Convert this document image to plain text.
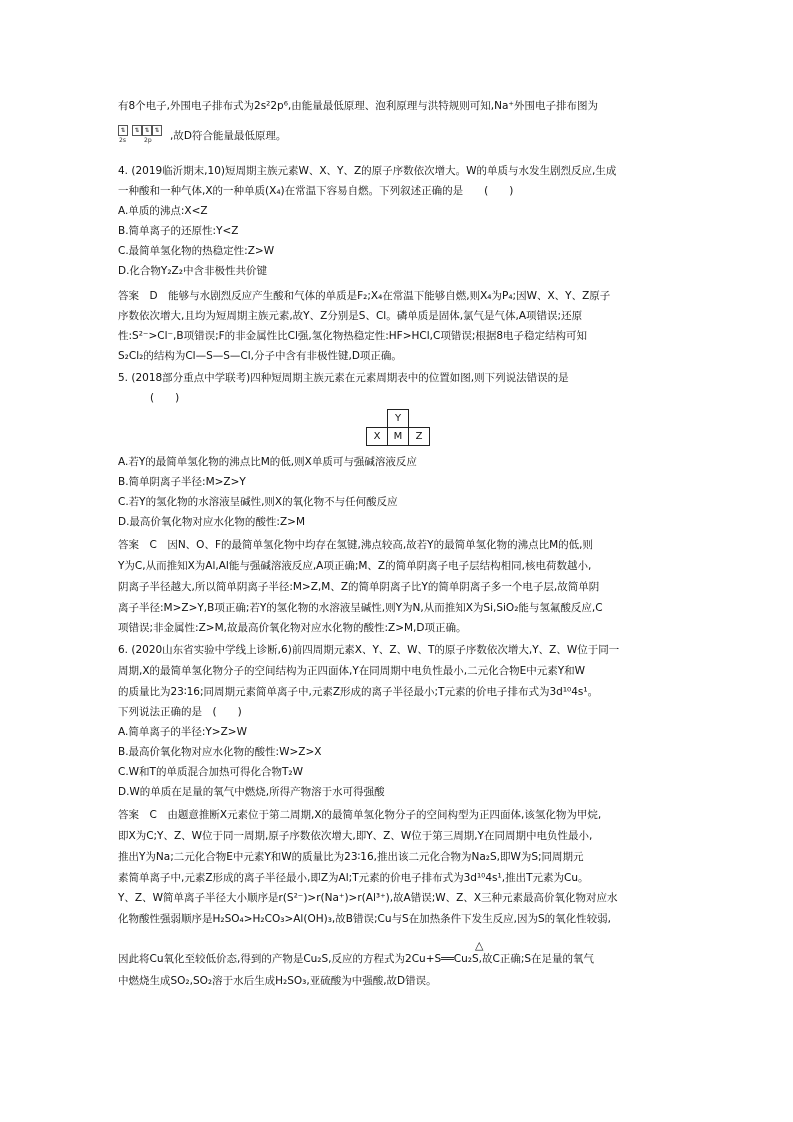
有8个电子,外围电子排布式为2s²2p⁶,由能量最低原理、泡利原理与洪特规则可知,Na⁺外围电子排布图为
⇅	⇅ ⇅ ⇅
2s	2p ,故D符合能量最低原理。
4. (2019临沂期末,10)短周期主族元素W、X、Y、Z的原子序数依次增大。W的单质与水发生剧烈反应,生成
一种酸和一种气体,X的一种单质(X₄)在常温下容易自燃。下列叙述正确的是　　(　　)
A.单质的沸点:X<Z
B.简单离子的还原性:Y<Z
C.最简单氢化物的热稳定性:Z>W
D.化合物Y₂Z₂中含非极性共价键
答案　D　能够与水剧烈反应产生酸和气体的单质是F₂;X₄在常温下能够自燃,则X₄为P₄;因W、X、Y、Z原子
序数依次增大,且均为短周期主族元素,故Y、Z分别是S、Cl。磷单质是固体,氯气是气体,A项错误;还原
性:S²⁻>Cl⁻,B项错误;F的非金属性比Cl强,氢化物热稳定性:HF>HCl,C项错误;根据8电子稳定结构可知
S₂Cl₂的结构为Cl—S—S—Cl,分子中含有非极性键,D项正确。
5. (2018部分重点中学联考)四种短周期主族元素在元素周期表中的位置如图,则下列说法错误的是
(　　)
	Y	
X	M	Z
A.若Y的最简单氢化物的沸点比M的低,则X单质可与强碱溶液反应
B.简单阴离子半径:M>Z>Y
C.若Y的氢化物的水溶液呈碱性,则X的氧化物不与任何酸反应
D.最高价氧化物对应水化物的酸性:Z>M
答案　C　因N、O、F的最简单氢化物中均存在氢键,沸点较高,故若Y的最简单氢化物的沸点比M的低,则
Y为C,从而推知X为Al,Al能与强碱溶液反应,A项正确;M、Z的简单阴离子电子层结构相同,核电荷数越小,
阴离子半径越大,所以简单阴离子半径:M>Z,M、Z的简单阴离子比Y的简单阴离子多一个电子层,故简单阴
离子半径:M>Z>Y,B项正确;若Y的氢化物的水溶液呈碱性,则Y为N,从而推知X为Si,SiO₂能与氢氟酸反应,C
项错误;非金属性:Z>M,故最高价氧化物对应水化物的酸性:Z>M,D项正确。
6. (2020山东省实验中学线上诊断,6)前四周期元素X、Y、Z、W、T的原子序数依次增大,Y、Z、W位于同一
周期,X的最简单氢化物分子的空间结构为正四面体,Y在同周期中电负性最小,二元化合物E中元素Y和W
的质量比为23∶16;同周期元素简单离子中,元素Z形成的离子半径最小;T元素的价电子排布式为3d¹⁰4s¹。
下列说法正确的是　(　　)
A.简单离子的半径:Y>Z>W
B.最高价氧化物对应水化物的酸性:W>Z>X
C.W和T的单质混合加热可得化合物T₂W
D.W的单质在足量的氧气中燃烧,所得产物溶于水可得强酸
答案　C　由题意推断X元素位于第二周期,X的最简单氢化物分子的空间构型为正四面体,该氢化物为甲烷,
即X为C;Y、Z、W位于同一周期,原子序数依次增大,即Y、Z、W位于第三周期,Y在同周期中电负性最小,
推出Y为Na;二元化合物E中元素Y和W的质量比为23∶16,推出该二元化合物为Na₂S,即W为S;同周期元
素简单离子中,元素Z形成的离子半径最小,即Z为Al;T元素的价电子排布式为3d¹⁰4s¹,推出T元素为Cu。
Y、Z、W简单离子半径大小顺序是r(S²⁻)>r(Na⁺)>r(Al³⁺),故A错误;W、Z、X三种元素最高价氧化物对应水
化物酸性强弱顺序是H₂SO₄>H₂CO₃>Al(OH)₃,故B错误;Cu与S在加热条件下发生反应,因为S的氧化性较弱,
△
因此将Cu氧化至较低价态,得到的产物是Cu₂S,反应的方程式为2Cu+S══Cu₂S,故C正确;S在足量的氧气
中燃烧生成SO₂,SO₂溶于水后生成H₂SO₃,亚硫酸为中强酸,故D错误。
